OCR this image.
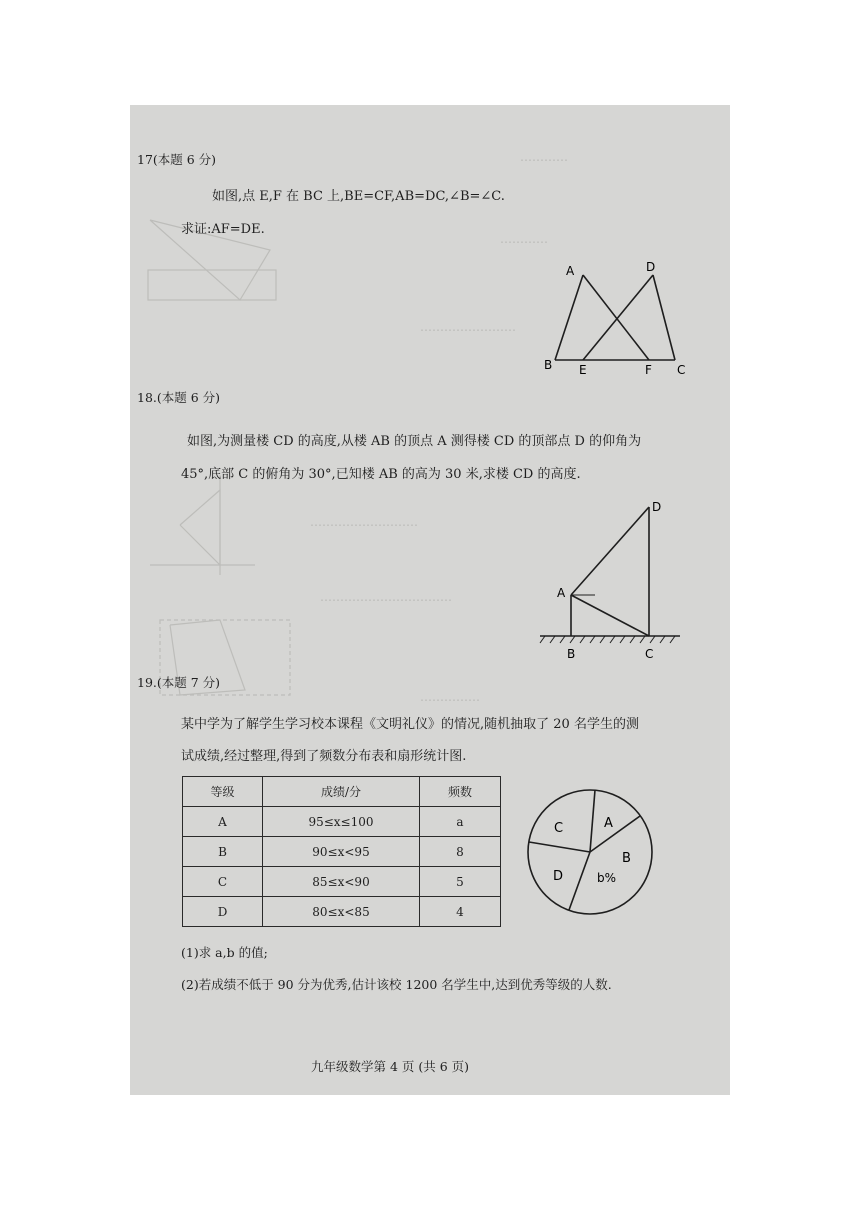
…………
…………
……………………
………………………
……………………………
……………
17(本题 6 分)
如图,点 E,F 在 BC 上,BE=CF,AB=DC,∠B=∠C.
求证:AF=DE.
A	D
B E	F C
18.(本题 6 分)
如图,为测量楼 CD 的高度,从楼 AB 的顶点 A 测得楼 CD 的顶部点 D 的仰角为
45°,底部 C 的俯角为 30°,已知楼 AB 的高为 30 米,求楼 CD 的高度.
D
A
B	C
19.(本题 7 分)
某中学为了解学生学习校本课程《文明礼仪》的情况,随机抽取了 20 名学生的测
试成绩,经过整理,得到了频数分布表和扇形统计图.
等级	成绩/分	频数
A	95≤x≤100	a
B	90≤x<95	8
C	85≤x<90	5
D	80≤x<85	4
A
B
C
D	b%
(1)求 a,b 的值;
(2)若成绩不低于 90 分为优秀,估计该校 1200 名学生中,达到优秀等级的人数.
九年级数学第 4 页 (共 6 页)
